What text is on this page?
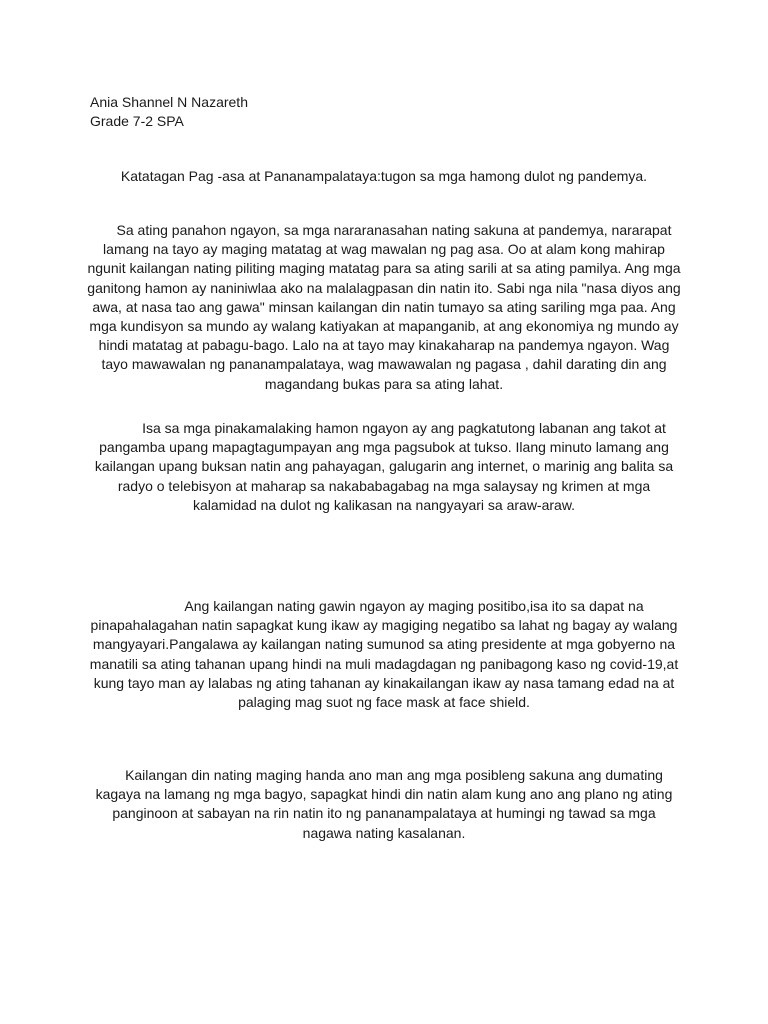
Ania Shannel N Nazareth
Grade 7-2 SPA
Katatagan Pag -asa at Pananampalataya:tugon sa mga hamong dulot ng pandemya.
Sa ating panahon ngayon, sa mga nararanasahan nating sakuna at pandemya, nararapat
lamang na tayo ay maging matatag at wag mawalan ng pag asa. Oo at alam kong mahirap
ngunit kailangan nating piliting maging matatag para sa ating sarili at sa ating pamilya. Ang mga
ganitong hamon ay naniniwlaa ako na malalagpasan din natin ito. Sabi nga nila "nasa diyos ang
awa, at nasa tao ang gawa" minsan kailangan din natin tumayo sa ating sariling mga paa. Ang
mga kundisyon sa mundo ay walang katiyakan at mapanganib, at ang ekonomiya ng mundo ay
hindi matatag at pabagu-bago. Lalo na at tayo may kinakaharap na pandemya ngayon. Wag
tayo mawawalan ng pananampalataya, wag mawawalan ng pagasa , dahil darating din ang
magandang bukas para sa ating lahat.
Isa sa mga pinakamalaking hamon ngayon ay ang pagkatutong labanan ang takot at
pangamba upang mapagtagumpayan ang mga pagsubok at tukso. Ilang minuto lamang ang
kailangan upang buksan natin ang pahayagan, galugarin ang internet, o marinig ang balita sa
radyo o telebisyon at maharap sa nakababagabag na mga salaysay ng krimen at mga
kalamidad na dulot ng kalikasan na nangyayari sa araw-araw.
Ang kailangan nating gawin ngayon ay maging positibo,isa ito sa dapat na
pinapahalagahan natin sapagkat kung ikaw ay magiging negatibo sa lahat ng bagay ay walang
mangyayari.Pangalawa ay kailangan nating sumunod sa ating presidente at mga gobyerno na
manatili sa ating tahanan upang hindi na muli madagdagan ng panibagong kaso ng covid-19,at
kung tayo man ay lalabas ng ating tahanan ay kinakailangan ikaw ay nasa tamang edad na at
palaging mag suot ng face mask at face shield.
Kailangan din nating maging handa ano man ang mga posibleng sakuna ang dumating
kagaya na lamang ng mga bagyo, sapagkat hindi din natin alam kung ano ang plano ng ating
panginoon at sabayan na rin natin ito ng pananampalataya at humingi ng tawad sa mga
nagawa nating kasalanan.
